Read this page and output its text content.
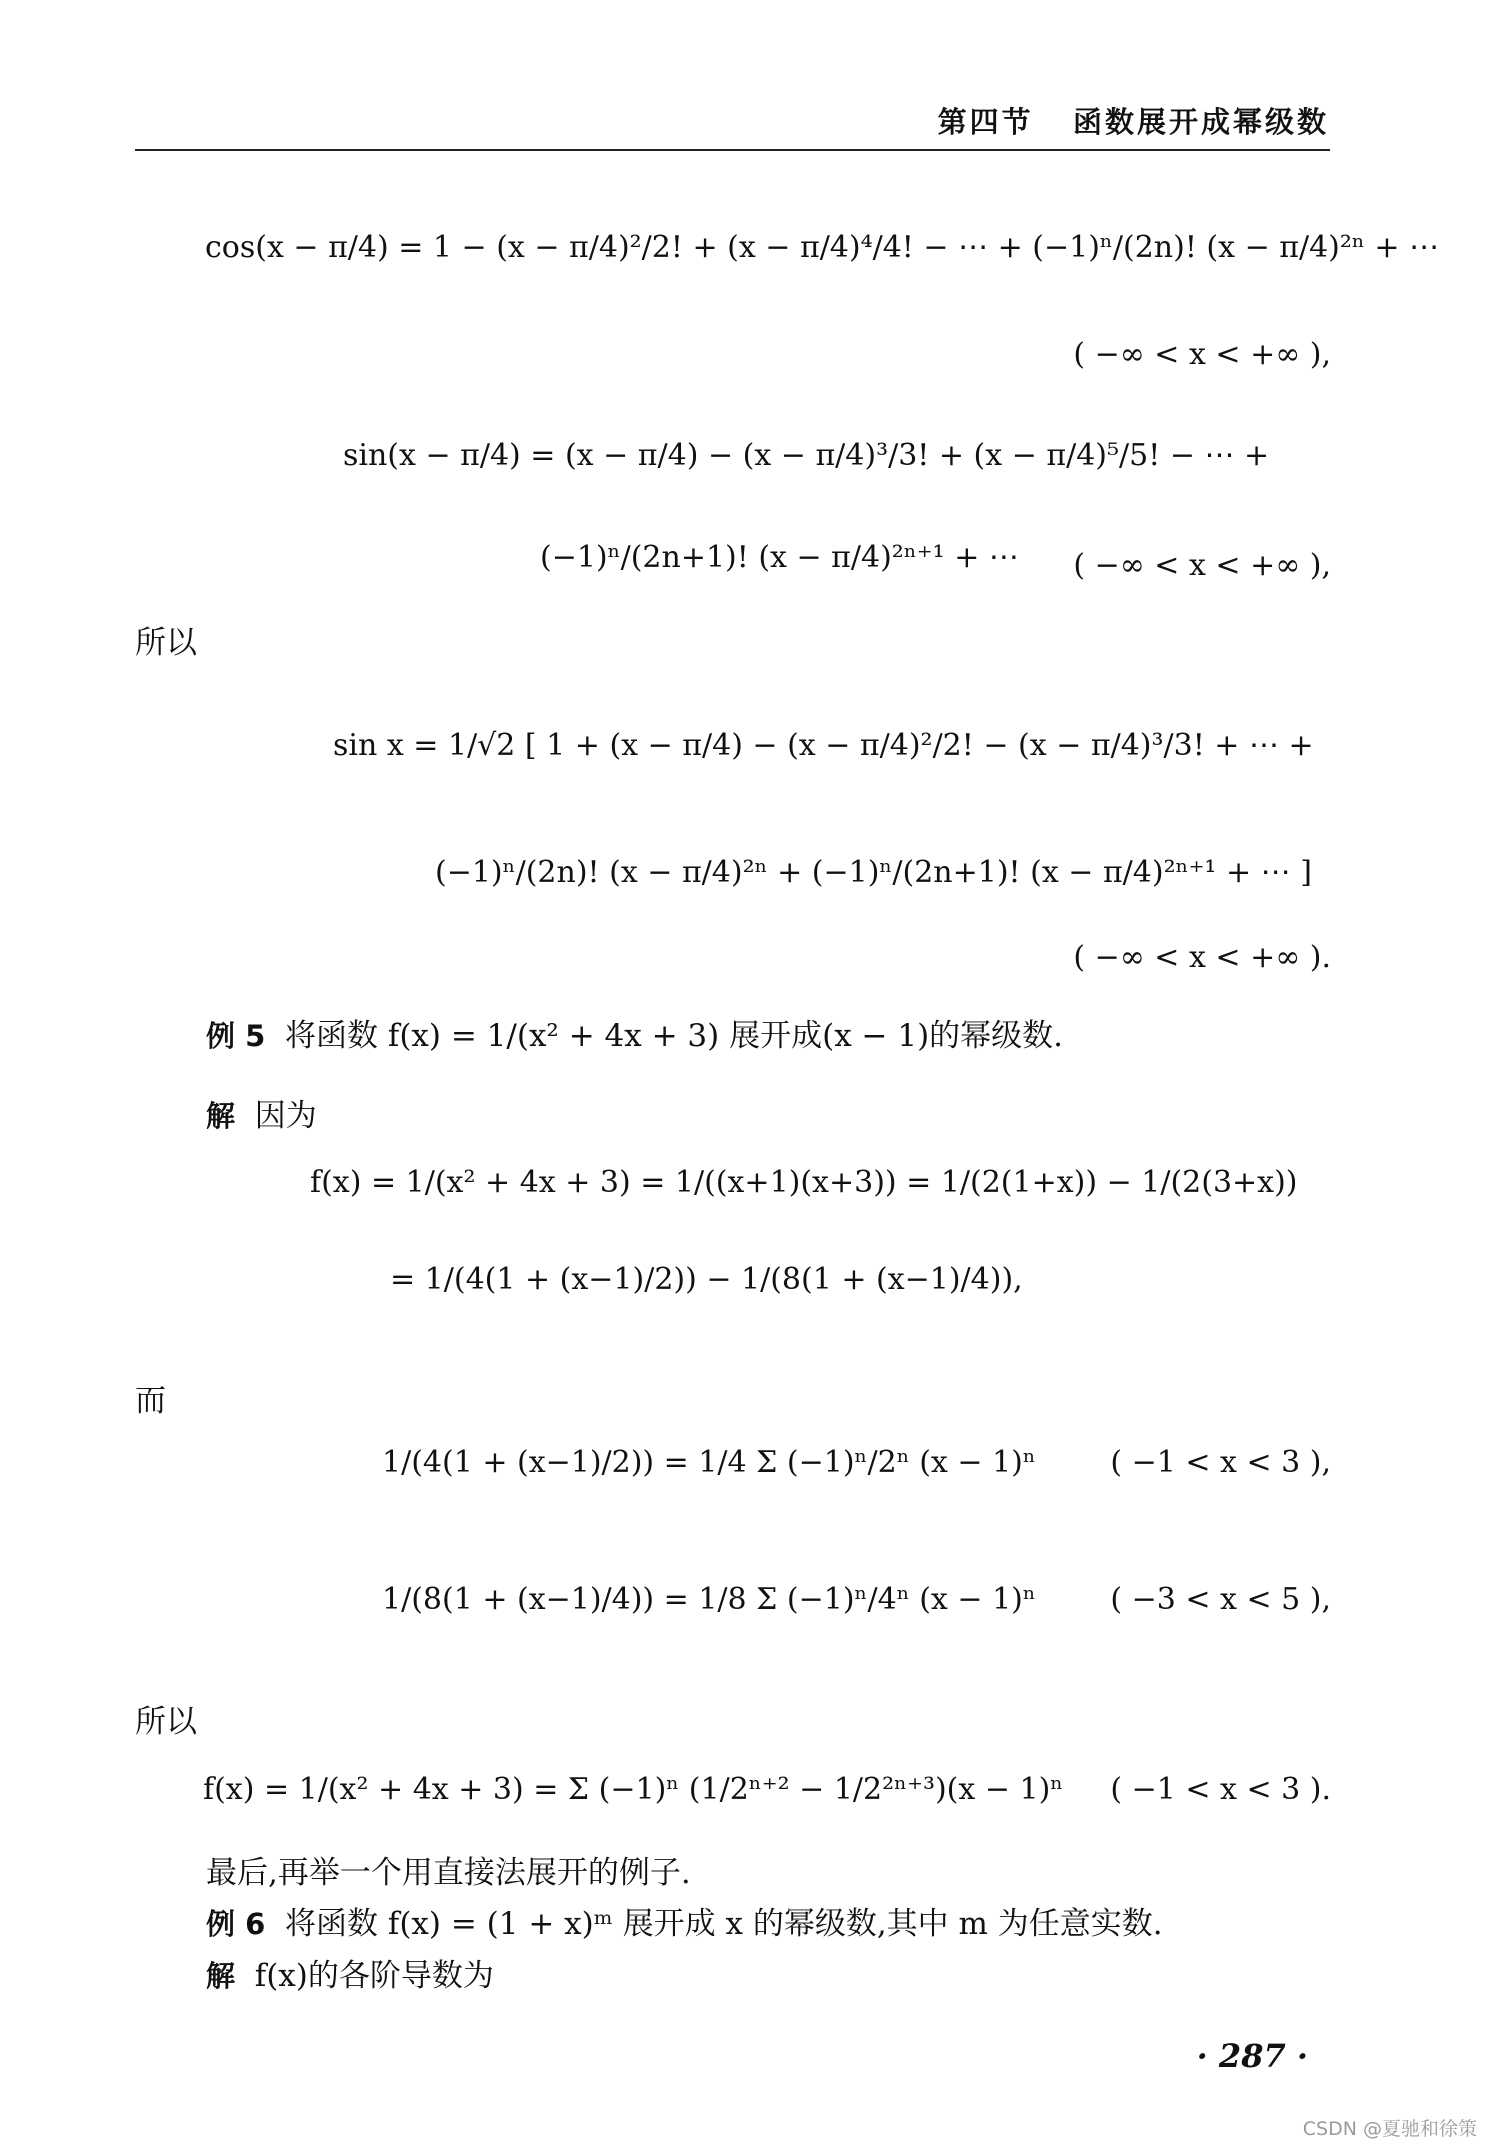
第四节 函数展开成幂级数
cos(x − π/4) = 1 − (x − π/4)²/2! + (x − π/4)⁴/4! − ⋯ + (−1)ⁿ/(2n)! (x − π/4)²ⁿ + ⋯
( −∞ < x < +∞ ),
sin(x − π/4) = (x − π/4) − (x − π/4)³/3! + (x − π/4)⁵/5! − ⋯ +
(−1)ⁿ/(2n+1)! (x − π/4)²ⁿ⁺¹ + ⋯ ( −∞ < x < +∞ ),
所以
sin x = 1/√2 [ 1 + (x − π/4) − (x − π/4)²/2! − (x − π/4)³/3! + ⋯ +
(−1)ⁿ/(2n)! (x − π/4)²ⁿ + (−1)ⁿ/(2n+1)! (x − π/4)²ⁿ⁺¹ + ⋯ ]
( −∞ < x < +∞ ).
例 5 将函数 f(x) = 1/(x² + 4x + 3) 展开成(x − 1)的幂级数.
解 因为
f(x) = 1/(x² + 4x + 3) = 1/((x+1)(x+3)) = 1/(2(1+x)) − 1/(2(3+x))
= 1/(4(1 + (x−1)/2)) − 1/(8(1 + (x−1)/4)),
而
1/(4(1 + (x−1)/2)) = 1/4 Σ (−1)ⁿ/2ⁿ (x − 1)ⁿ ( −1 < x < 3 ),
1/(8(1 + (x−1)/4)) = 1/8 Σ (−1)ⁿ/4ⁿ (x − 1)ⁿ ( −3 < x < 5 ),
所以
f(x) = 1/(x² + 4x + 3) = Σ (−1)ⁿ (1/2ⁿ⁺² − 1/2²ⁿ⁺³)(x − 1)ⁿ ( −1 < x < 3 ).
最后,再举一个用直接法展开的例子.
例 6 将函数 f(x) = (1 + x)ᵐ 展开成 x 的幂级数,其中 m 为任意实数.
解 f(x)的各阶导数为
· 287 ·
CSDN @夏驰和徐策
